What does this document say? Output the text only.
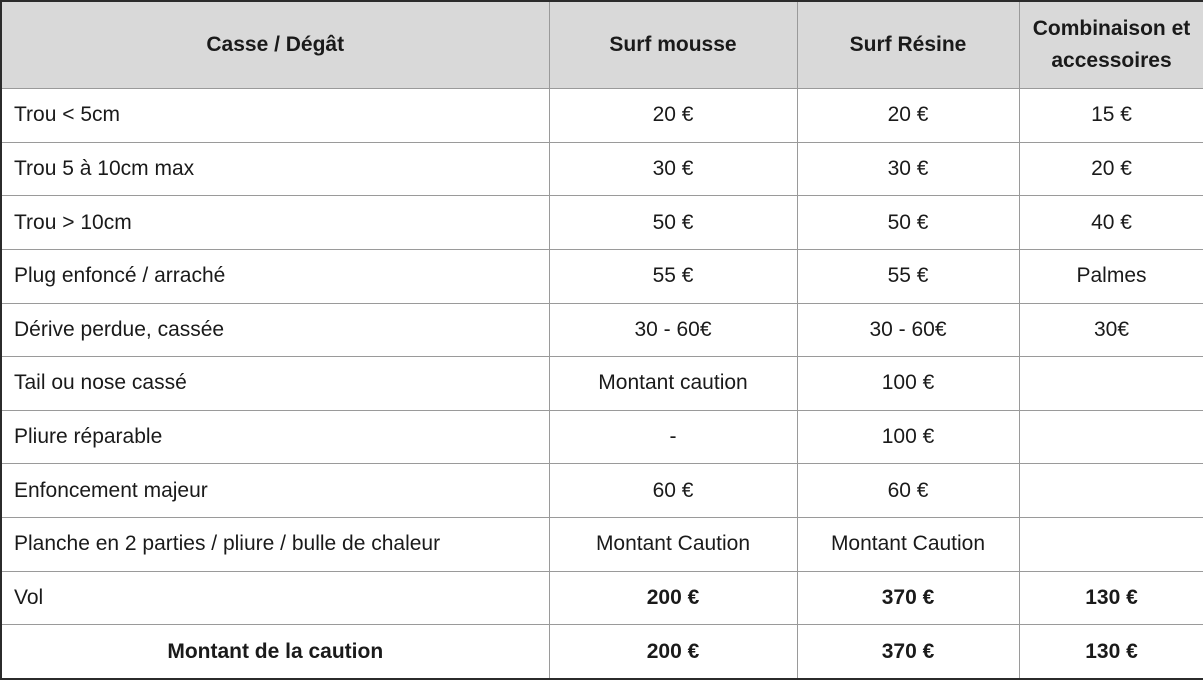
Casse / Dégât	Surf mousse	Surf Résine	Combinaison et accessoires
Trou < 5cm	20 €	20 €	15 €
Trou 5 à 10cm max	30 €	30 €	20 €
Trou > 10cm	50 €	50 €	40 €
Plug enfoncé / arraché	55 €	55 €	Palmes
Dérive perdue, cassée	30 - 60€	30 - 60€	30€
Tail ou nose cassé	Montant caution	100 €	
Pliure réparable	-	100 €	
Enfoncement majeur	60 €	60 €	
Planche en 2 parties / pliure / bulle de chaleur	Montant Caution	Montant Caution	
Vol	200 €	370 €	130 €
Montant de la caution	200 €	370 €	130 €
